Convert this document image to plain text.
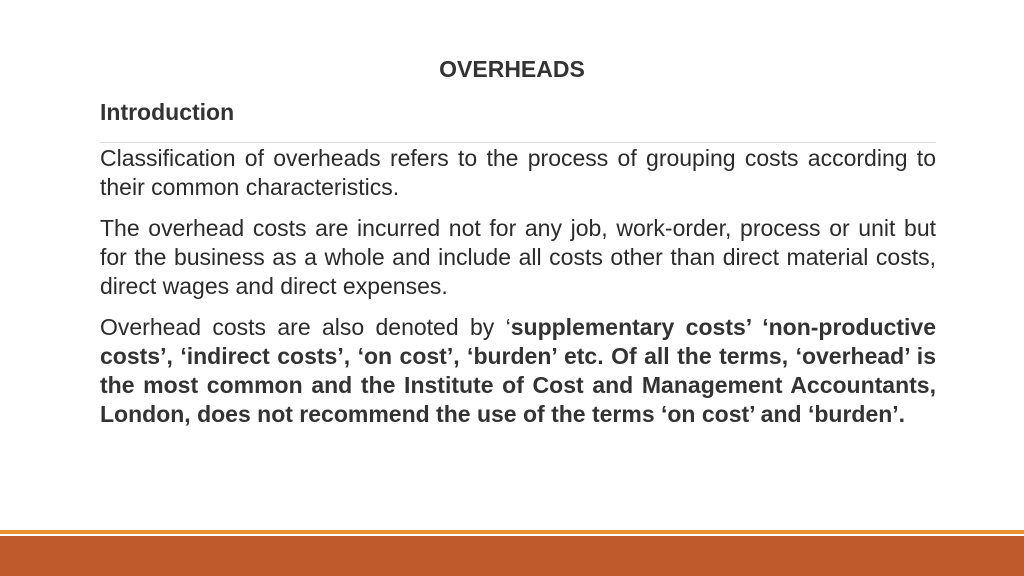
OVERHEADS
Introduction

Classification of overheads refers to the process of grouping costs according to their common characteristics.

The overhead costs are incurred not for any job, work-order, process or unit but for the business as a whole and include all costs other than direct material costs, direct wages and direct expenses.

Overhead costs are also denoted by ‘supplementary costs’ ‘non-productive costs’, ‘indirect costs’, ‘on cost’, ‘burden’ etc. Of all the terms, ‘overhead’ is the most common and the Institute of Cost and Management Accountants, London, does not recommend the use of the terms ‘on cost’ and ‘burden’.
